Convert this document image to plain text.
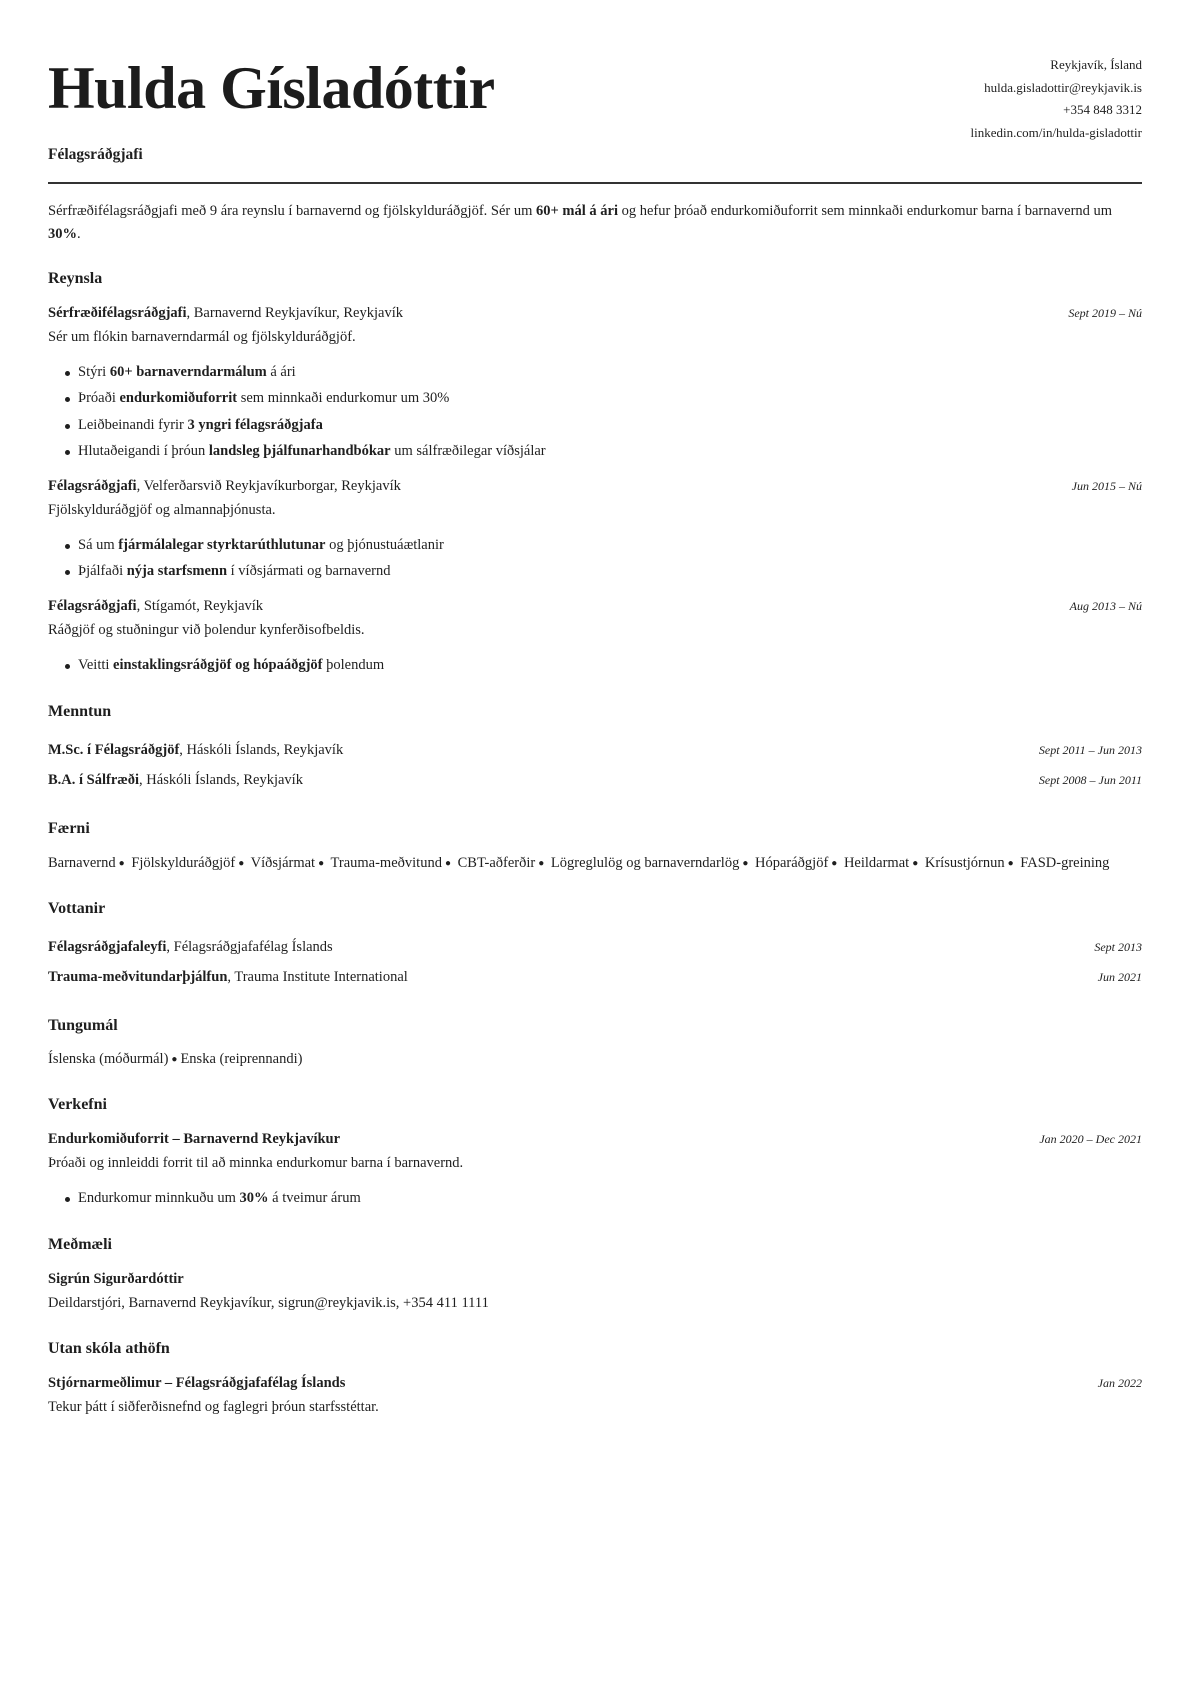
Hulda Gísladóttir
Félagsráðgjafi
Reykjavík, Ísland
hulda.gisladottir@reykjavik.is
+354 848 3312
linkedin.com/in/hulda-gisladottir

Sérfræðifélagsráðgjafi með 9 ára reynslu í barnavernd og fjölskylduráðgjöf. Sér um 60+ mál á ári og hefur þróað endurkomiðuforrit sem minnkaði endurkomur barna í barnavernd um 30%.

Reynsla
Sérfræðifélagsráðgjafi, Barnavernd Reykjavíkur, Reykjavík	Sept 2019 – Nú
Sér um flókin barnaverndarmál og fjölskylduráðgjöf.
Stýri 60+ barnaverndarmálum á ári
Þróaði endurkomiðuforrit sem minnkaði endurkomur um 30%
Leiðbeinandi fyrir 3 yngri félagsráðgjafa
Hlutaðeigandi í þróun landsleg þjálfunarhandbókar um sálfræðilegar víðsjálar
Félagsráðgjafi, Velferðarsvið Reykjavíkurborgar, Reykjavík	Jun 2015 – Nú
Fjölskylduráðgjöf og almannaþjónusta.
Sá um fjármálalegar styrktarúthlutunar og þjónustuáætlanir
Þjálfaði nýja starfsmenn í víðsjármati og barnavernd
Félagsráðgjafi, Stígamót, Reykjavík	Aug 2013 – Nú
Ráðgjöf og stuðningur við þolendur kynferðisofbeldis.
Veitti einstaklingsráðgjöf og hópaáðgjöf þolendum
Menntun
M.Sc. í Félagsráðgjöf, Háskóli Íslands, Reykjavík	Sept 2011 – Jun 2013
B.A. í Sálfræði, Háskóli Íslands, Reykjavík	Sept 2008 – Jun 2011
Færni
Barnavernd ● Fjölskylduráðgjöf ● Víðsjármat ● Trauma-meðvitund ● CBT-aðferðir ● Lögreglulög og barnaverndarlög ● Hóparáðgjöf ● Heildarmat ● Krísustjórnun ● FASD-greining
Vottanir
Félagsráðgjafaleyfi, Félagsráðgjafafélag Íslands	Sept 2013
Trauma-meðvitundarþjálfun, Trauma Institute International	Jun 2021
Tungumál
Íslenska (móðurmál) ● Enska (reiprennandi)
Verkefni
Endurkomiðuforrit – Barnavernd Reykjavíkur	Jan 2020 – Dec 2021
Þróaði og innleiddi forrit til að minnka endurkomur barna í barnavernd.
Endurkomur minnkuðu um 30% á tveimur árum
Meðmæli
Sigrún Sigurðardóttir
Deildarstjóri, Barnavernd Reykjavíkur, sigrun@reykjavik.is, +354 411 1111
Utan skóla athöfn
Stjórnarmeðlimur – Félagsráðgjafafélag Íslands	Jan 2022
Tekur þátt í siðferðisnefnd og faglegri þróun starfsstéttar.
